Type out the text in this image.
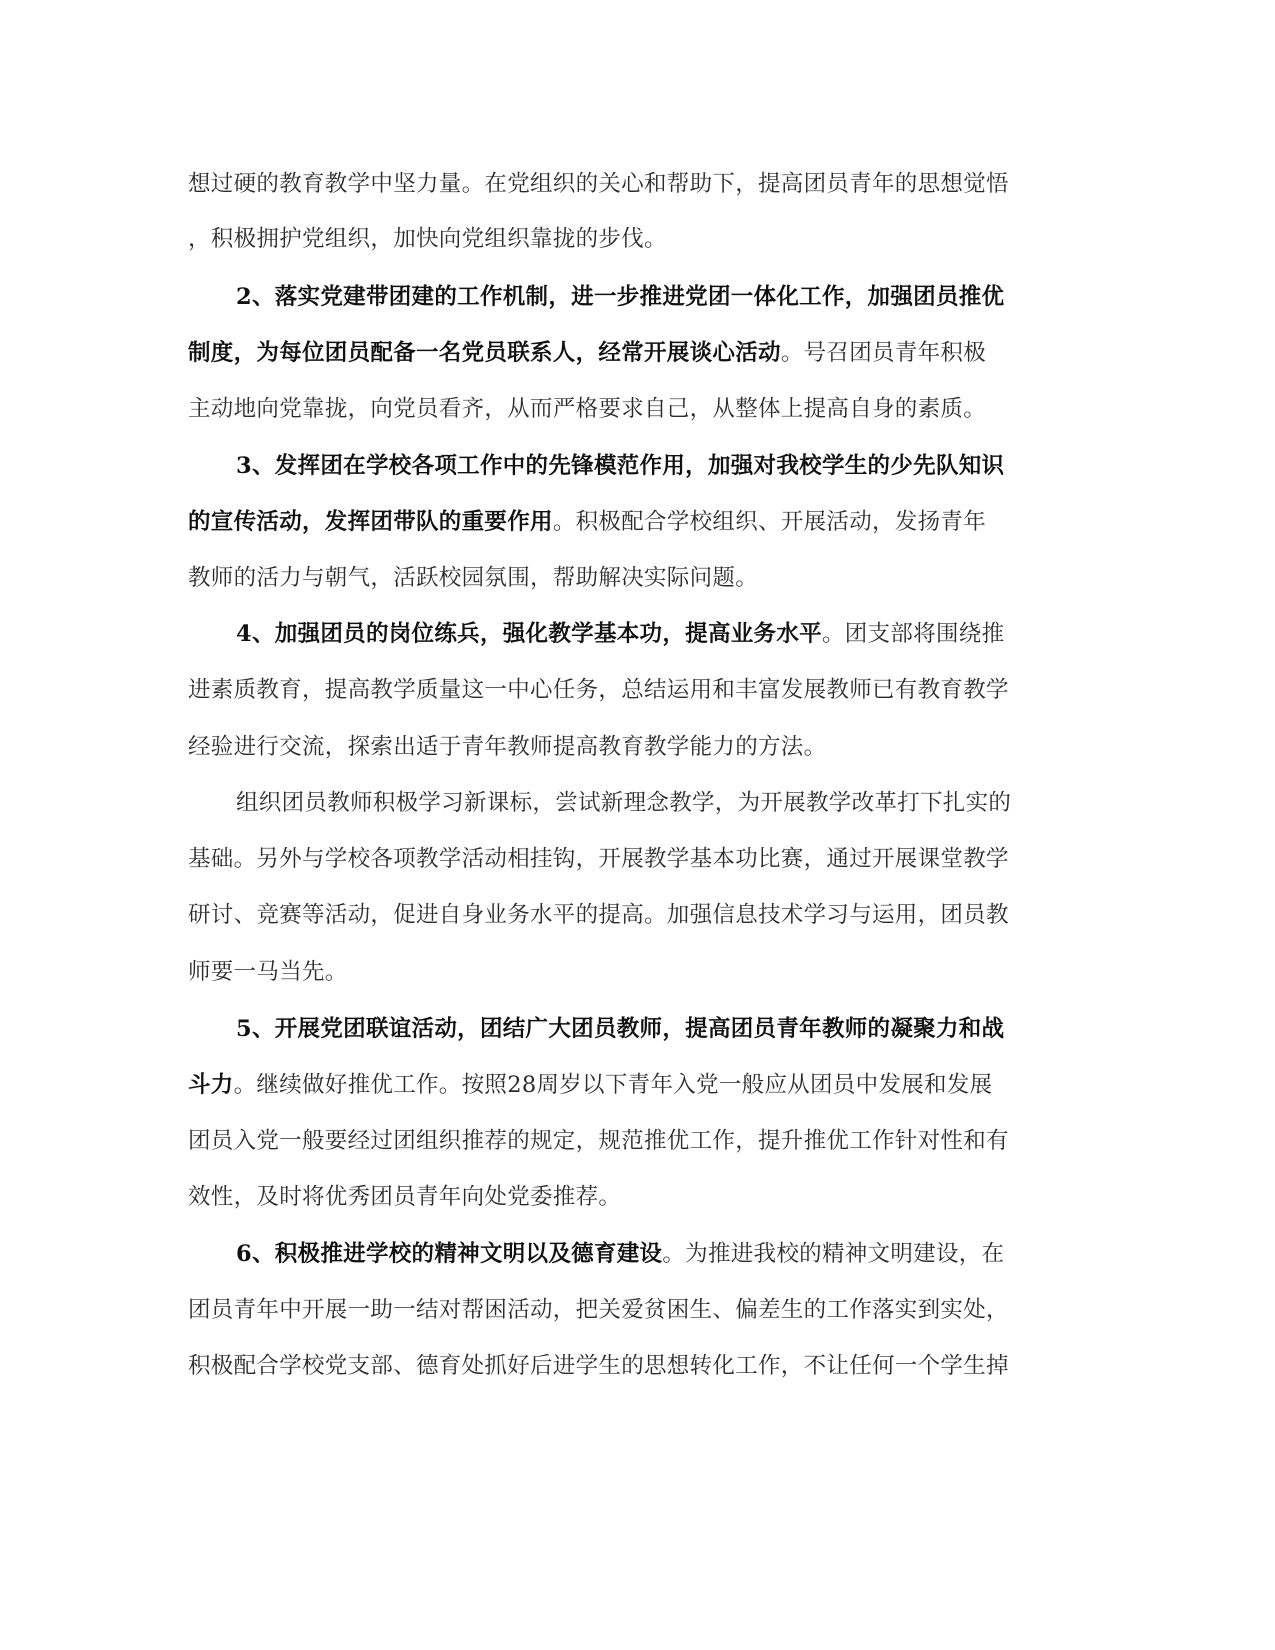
想过硬的教育教学中坚力量。在党组织的关心和帮助下，提高团员青年的思想觉悟
，积极拥护党组织，加快向党组织靠拢的步伐。
2、落实党建带团建的工作机制，进一步推进党团一体化工作，加强团员推优
制度，为每位团员配备一名党员联系人，经常开展谈心活动。号召团员青年积极
主动地向党靠拢，向党员看齐，从而严格要求自己，从整体上提高自身的素质。
3、发挥团在学校各项工作中的先锋模范作用，加强对我校学生的少先队知识
的宣传活动，发挥团带队的重要作用。积极配合学校组织、开展活动，发扬青年
教师的活力与朝气，活跃校园氛围，帮助解决实际问题。
4、加强团员的岗位练兵，强化教学基本功，提高业务水平。团支部将围绕推
进素质教育，提高教学质量这一中心任务，总结运用和丰富发展教师已有教育教学
经验进行交流，探索出适于青年教师提高教育教学能力的方法。
组织团员教师积极学习新课标，尝试新理念教学，为开展教学改革打下扎实的
基础。另外与学校各项教学活动相挂钩，开展教学基本功比赛，通过开展课堂教学
研讨、竞赛等活动，促进自身业务水平的提高。加强信息技术学习与运用，团员教
师要一马当先。
5、开展党团联谊活动，团结广大团员教师，提高团员青年教师的凝聚力和战
斗力。继续做好推优工作。按照28周岁以下青年入党一般应从团员中发展和发展
团员入党一般要经过团组织推荐的规定，规范推优工作，提升推优工作针对性和有
效性，及时将优秀团员青年向处党委推荐。
6、积极推进学校的精神文明以及德育建设。为推进我校的精神文明建设，在
团员青年中开展一助一结对帮困活动，把关爱贫困生、偏差生的工作落实到实处，
积极配合学校党支部、德育处抓好后进学生的思想转化工作，不让任何一个学生掉
